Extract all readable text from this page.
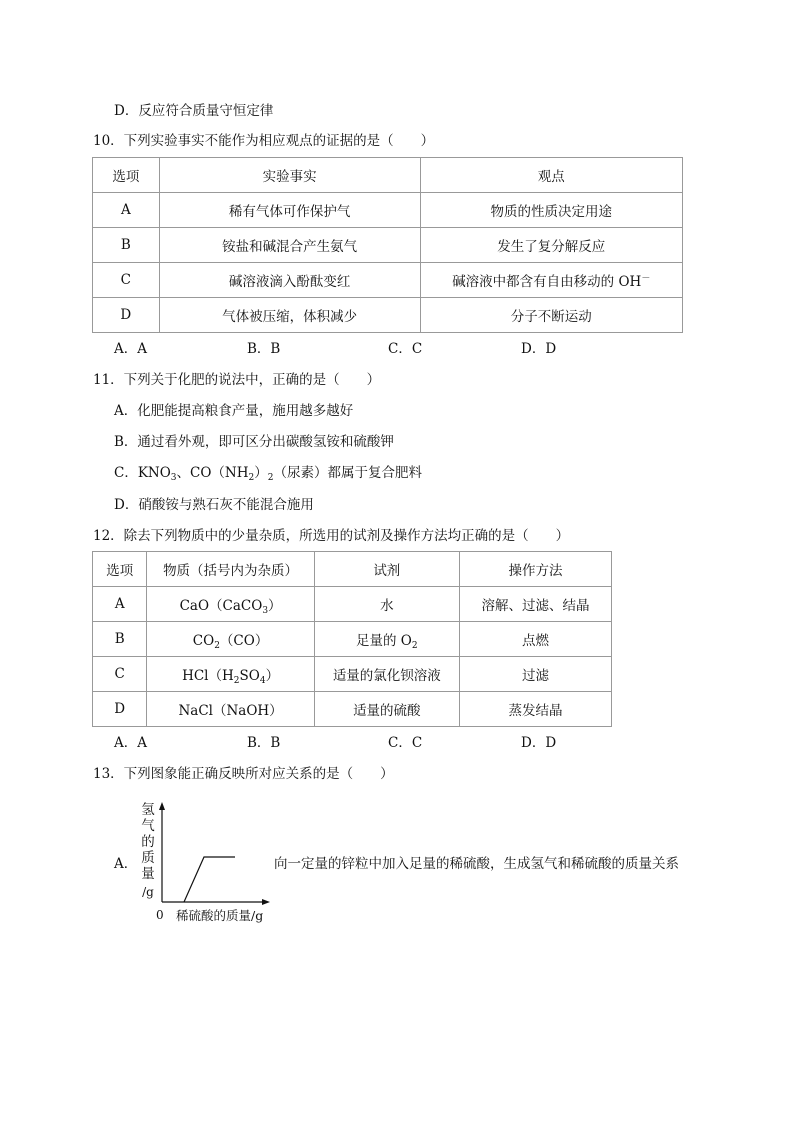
D．反应符合质量守恒定律
10．下列实验事实不能作为相应观点的证据的是（　　）
选项	实验事实	观点
A	稀有气体可作保护气	物质的性质决定用途
B	铵盐和碱混合产生氨气	发生了复分解反应
C	碱溶液滴入酚酞变红	碱溶液中都含有自由移动的 OH－
D	气体被压缩，体积减少	分子不断运动
A．A	B．B	C．C	D．D
11．下列关于化肥的说法中，正确的是（　　）
A．化肥能提高粮食产量，施用越多越好
B．通过看外观，即可区分出碳酸氢铵和硫酸钾
C．$KNO_3$、$CO(NH_2)_2$（尿素）都属于复合肥料
D．硝酸铵与熟石灰不能混合施用
12．除去下列物质中的少量杂质，所选用的试剂及操作方法均正确的是（　　）
选项	物质（括号内为杂质）	试剂	操作方法
A	CaO（CaCO$_3$）	水	溶解、过滤、结晶
B	$CO_2(CO)$	足量的 $O_2$	点燃
C	$HCl(H_2SO_4)$	适量的氯化钡溶液	过滤
D	NaCl（NaOH）	适量的硫酸	蒸发结晶
A．A	B．B	C．C	D．D
13．下列图象能正确反映所对应关系的是（　　）
A．
氢
气
的
质
量
/g
0 稀硫酸的质量/g
向一定量的锌粒中加入足量的稀硫酸，生成氢气和稀硫酸的质量关系
